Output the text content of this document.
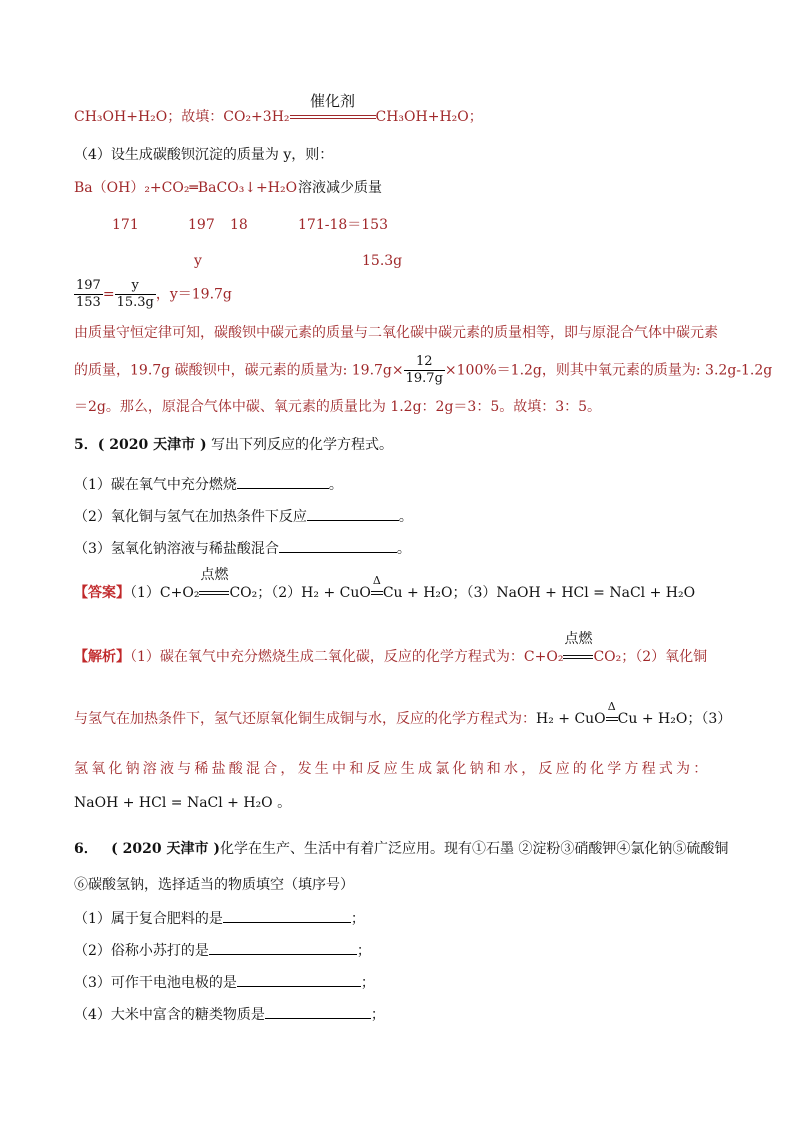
CH₃OH+H₂O；故填：CO₂+3H₂
催化剂
CH₃OH+H₂O；
（4）设生成碳酸钡沉淀的质量为 y，则：
Ba（OH）₂+CO₂═BaCO₃↓+H₂O 溶液减少质量
171	197 18	171-18＝153
y	15.3g
$\frac{197}{153} = \frac{y}{15.3g}$ ，y＝19.7g
由质量守恒定律可知，碳酸钡中碳元素的质量与二氧化碳中碳元素的质量相等，即与原混合气体中碳元素
的质量，19.7g 碳酸钡中，碳元素的质量为: $19.7g\times \frac{12}{19.7g} \times 100\%=1.2g$，则其中氧元素的质量为: 3.2g-1.2g
＝2g。那么，原混合气体中碳、氧元素的质量比为 1.2g：2g＝3：5。故填：3：5。
5．( 2020 天津市 ) 写出下列反应的化学方程式。
（1）碳在氧气中充分燃烧	。
（2）氧化铜与氢气在加热条件下反应	。
（3）氢氧化钠溶液与稀盐酸混合	。
【答案】（1）C+O₂
点燃
CO₂；（2）H₂ + CuO
Δ
Cu + H₂O；（3）NaOH + HCl = NaCl + H₂O
【解析】（1）碳在氧气中充分燃烧生成二氧化碳，反应的化学方程式为：C+O₂
点燃
CO₂；（2）氧化铜
与氢气在加热条件下，氢气还原氧化铜生成铜与水，反应的化学方程式为：H₂ + CuO
Δ
Cu + H₂O；（3）
氢氧化钠溶液与稀盐酸混合，发生中和反应生成氯化钠和水，反应的化学方程式为：
NaOH + HCl = NaCl + H₂O 。
6． ( 2020 天津市 )化学在生产、生活中有着广泛应用。现有①石墨 ②淀粉③硝酸钾④氯化钠⑤硫酸铜
⑥碳酸氢钠，选择适当的物质填空（填序号）
（1）属于复合肥料的是	；
（2）俗称小苏打的是	；
（3）可作干电池电极的是	；
（4）大米中富含的糖类物质是	；
